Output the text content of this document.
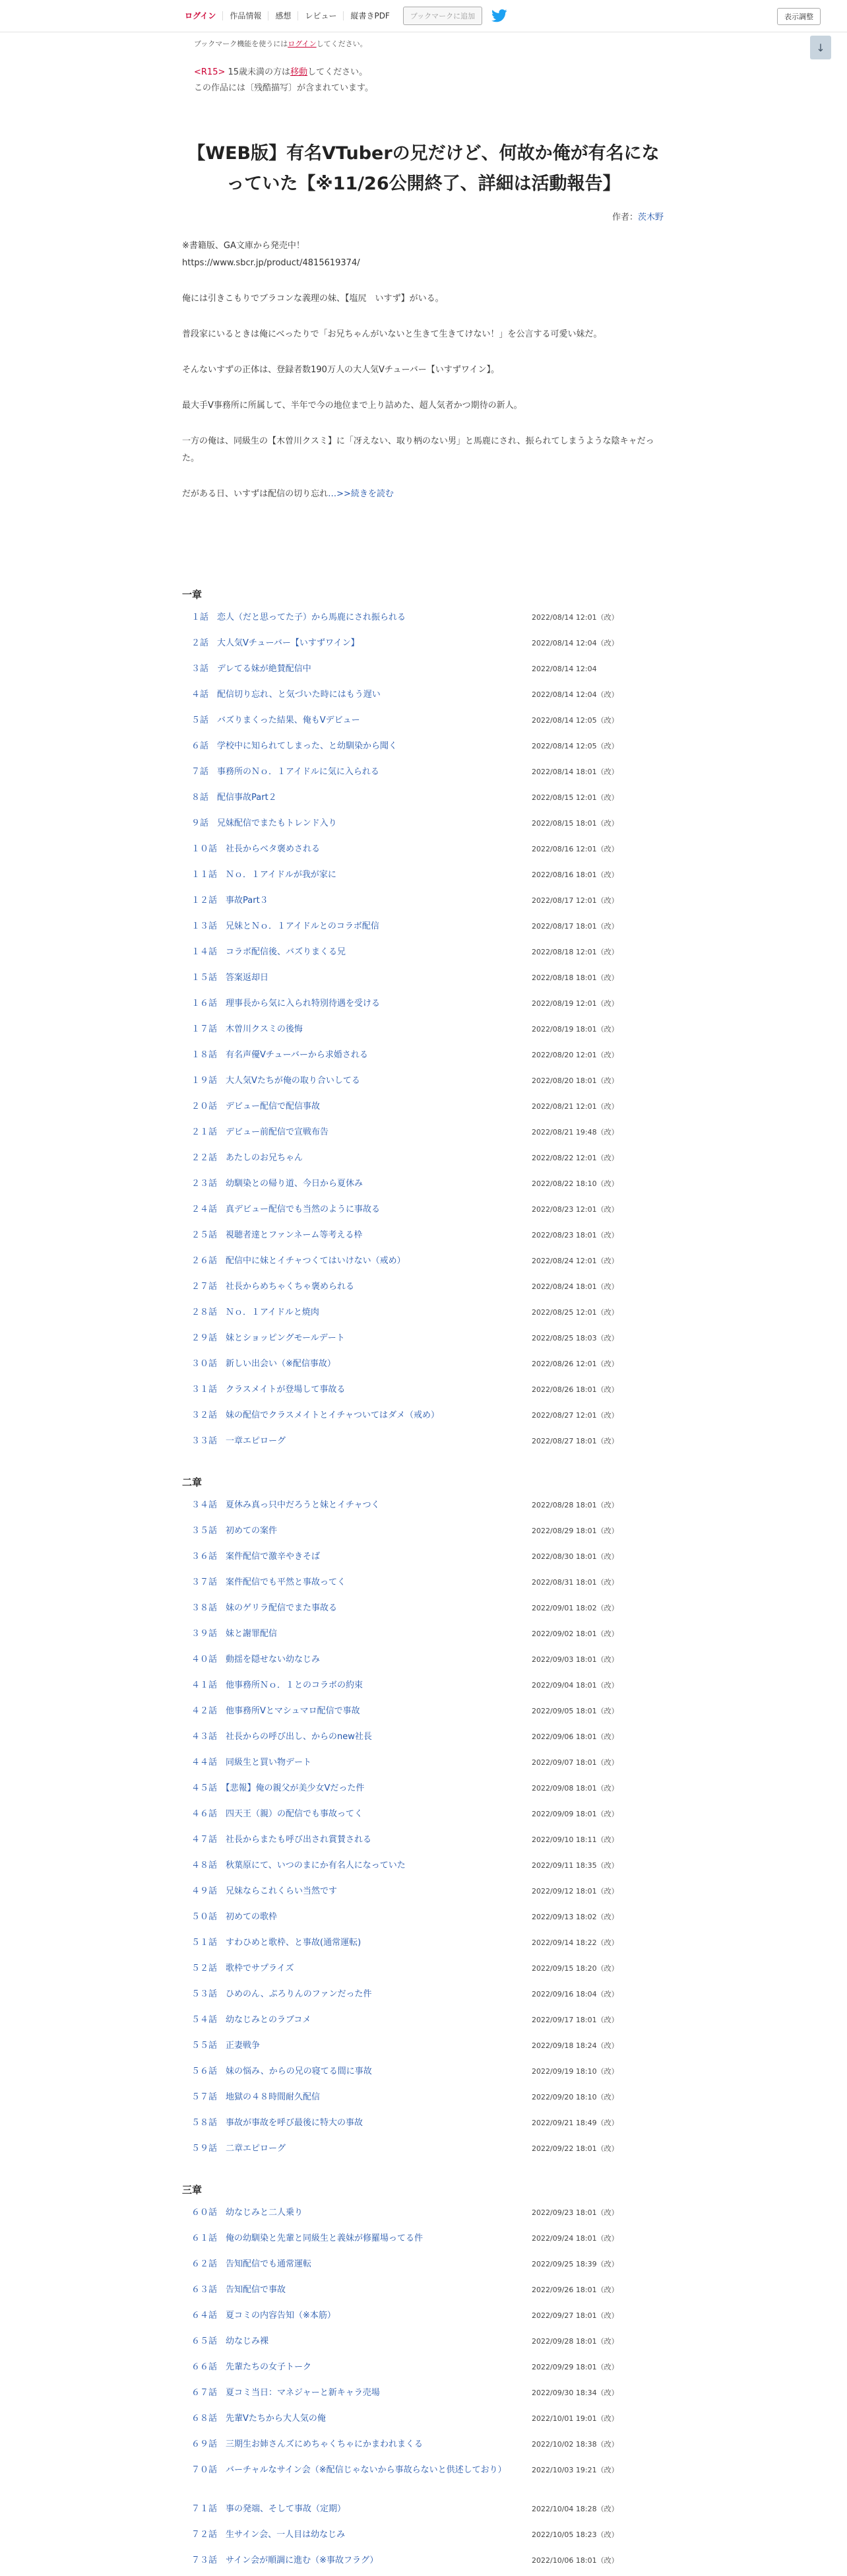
ログイン	作品情報	感想	レビュー	縦書きPDF	ブックマークに追加	表示調整
↓
ブックマーク機能を使うにはログインしてください。
<R15> 15歳未満の方は移動してください。
この作品には〔残酷描写〕が含まれています。
【WEB版】有名VTuberの兄だけど、何故か俺が有名になっていた【※11/26公開終了、詳細は活動報告】
作者：茨木野

※書籍版、GA文庫から発売中！

https://www.sbcr.jp/product/4815619374/

俺には引きこもりでブラコンな義理の妹、【塩尻　いすず】がいる。

普段家にいるときは俺にべったりで「お兄ちゃんがいないと生きて生きてけない！」を公言する可愛い妹だ。

そんないすずの正体は、登録者数190万人の大人気Vチューバー【いすずワイン】。

最大手V事務所に所属して、半年で今の地位まで上り詰めた、超人気者かつ期待の新人。

一方の俺は、同級生の【木曽川クスミ】に「冴えない、取り柄のない男」と馬鹿にされ、振られてしまうような陰キャだった。

だがある日、いすずは配信の切り忘れ…>>続きを読む

一章
１話　恋人（だと思ってた子）から馬鹿にされ振られる	2022/08/14 12:01（改）
２話　大人気Vチューバー【いすずワイン】	2022/08/14 12:04（改）
３話　デレてる妹が絶賛配信中	2022/08/14 12:04
４話　配信切り忘れ、と気づいた時にはもう遅い	2022/08/14 12:04（改）
５話　バズりまくった結果、俺もVデビュー	2022/08/14 12:05（改）
６話　学校中に知られてしまった、と幼馴染から聞く	2022/08/14 12:05（改）
７話　事務所のＮｏ．１アイドルに気に入られる	2022/08/14 18:01（改）
８話　配信事故Part２	2022/08/15 12:01（改）
９話　兄妹配信でまたもトレンド入り	2022/08/15 18:01（改）
１０話　社長からベタ褒めされる	2022/08/16 12:01（改）
１１話　Ｎｏ．１アイドルが我が家に	2022/08/16 18:01（改）
１２話　事故Part３	2022/08/17 12:01（改）
１３話　兄妹とＮｏ．１アイドルとのコラボ配信	2022/08/17 18:01（改）
１４話　コラボ配信後、バズりまくる兄	2022/08/18 12:01（改）
１５話　答案返却日	2022/08/18 18:01（改）
１６話　理事長から気に入られ特別待遇を受ける	2022/08/19 12:01（改）
１７話　木曽川クスミの後悔	2022/08/19 18:01（改）
１８話　有名声優Vチューバーから求婚される	2022/08/20 12:01（改）
１９話　大人気Vたちが俺の取り合いしてる	2022/08/20 18:01（改）
２０話　デビュー配信で配信事故	2022/08/21 12:01（改）
２１話　デビュー前配信で宣戦布告	2022/08/21 19:48（改）
２２話　あたしのお兄ちゃん	2022/08/22 12:01（改）
２３話　幼馴染との帰り道、今日から夏休み	2022/08/22 18:10（改）
２４話　真デビュー配信でも当然のように事故る	2022/08/23 12:01（改）
２５話　視聴者達とファンネーム等考える枠	2022/08/23 18:01（改）
２６話　配信中に妹とイチャつくてはいけない（戒め）	2022/08/24 12:01（改）
２７話　社長からめちゃくちゃ褒められる	2022/08/24 18:01（改）
２８話　Ｎｏ．１アイドルと焼肉	2022/08/25 12:01（改）
２９話　妹とショッピングモールデート	2022/08/25 18:03（改）
３０話　新しい出会い（※配信事故）	2022/08/26 12:01（改）
３１話　クラスメイトが登場して事故る	2022/08/26 18:01（改）
３２話　妹の配信でクラスメイトとイチャついてはダメ（戒め）	2022/08/27 12:01（改）
３３話　一章エピローグ	2022/08/27 18:01（改）
二章
３４話　夏休み真っ只中だろうと妹とイチャつく	2022/08/28 18:01（改）
３５話　初めての案件	2022/08/29 18:01（改）
３６話　案件配信で激辛やきそば	2022/08/30 18:01（改）
３７話　案件配信でも平然と事故ってく	2022/08/31 18:01（改）
３８話　妹のゲリラ配信でまた事故る	2022/09/01 18:02（改）
３９話　妹と謝罪配信	2022/09/02 18:01（改）
４０話　動揺を隠せない幼なじみ	2022/09/03 18:01（改）
４１話　他事務所Ｎｏ．１とのコラボの約束	2022/09/04 18:01（改）
４２話　他事務所Vとマシュマロ配信で事故	2022/09/05 18:01（改）
４３話　社長からの呼び出し、からのnew社長	2022/09/06 18:01（改）
４４話　同級生と買い物デート	2022/09/07 18:01（改）
４５話　【悲報】俺の親父が美少女Vだった件	2022/09/08 18:01（改）
４６話　四天王（親）の配信でも事故ってく	2022/09/09 18:01（改）
４７話　社長からまたも呼び出され賞賛される	2022/09/10 18:11（改）
４８話　秋葉原にて、いつのまにか有名人になっていた	2022/09/11 18:35（改）
４９話　兄妹ならこれくらい当然です	2022/09/12 18:01（改）
５０話　初めての歌枠	2022/09/13 18:02（改）
５１話　すわひめと歌枠、と事故(通常運転)	2022/09/14 18:22（改）
５２話　歌枠でサプライズ	2022/09/15 18:20（改）
５３話　ひめのん、ぷろりんのファンだった件	2022/09/16 18:04（改）
５４話　幼なじみとのラブコメ	2022/09/17 18:01（改）
５５話　正妻戦争	2022/09/18 18:24（改）
５６話　妹の悩み、からの兄の寝てる間に事故	2022/09/19 18:10（改）
５７話　地獄の４８時間耐久配信	2022/09/20 18:10（改）
５８話　事故が事故を呼び最後に特大の事故	2022/09/21 18:49（改）
５９話　二章エピローグ	2022/09/22 18:01（改）
三章
６０話　幼なじみと二人乗り	2022/09/23 18:01（改）
６１話　俺の幼馴染と先輩と同級生と義妹が修羅場ってる件	2022/09/24 18:01（改）
６２話　告知配信でも通常運転	2022/09/25 18:39（改）
６３話　告知配信で事故	2022/09/26 18:01（改）
６４話　夏コミの内容告知（※本筋）	2022/09/27 18:01（改）
６５話　幼なじみ裸	2022/09/28 18:01（改）
６６話　先輩たちの女子トーク	2022/09/29 18:01（改）
６７話　夏コミ当日：マネジャーと新キャラ売場	2022/09/30 18:34（改）
６８話　先輩Vたちから大人気の俺	2022/10/01 19:01（改）
６９話　三期生お姉さんズにめちゃくちゃにかまわれまくる	2022/10/02 18:38（改）
７０話　バーチャルなサイン会（※配信じゃないから事故らないと供述しており）	2022/10/03 19:21（改）
７１話　事の発端、そして事故（定期）	2022/10/04 18:28（改）
７２話　生サイン会、一人目は幼なじみ	2022/10/05 18:23（改）
７３話　サイン会が順調に進む（※事故フラグ）	2022/10/06 18:01（改）
